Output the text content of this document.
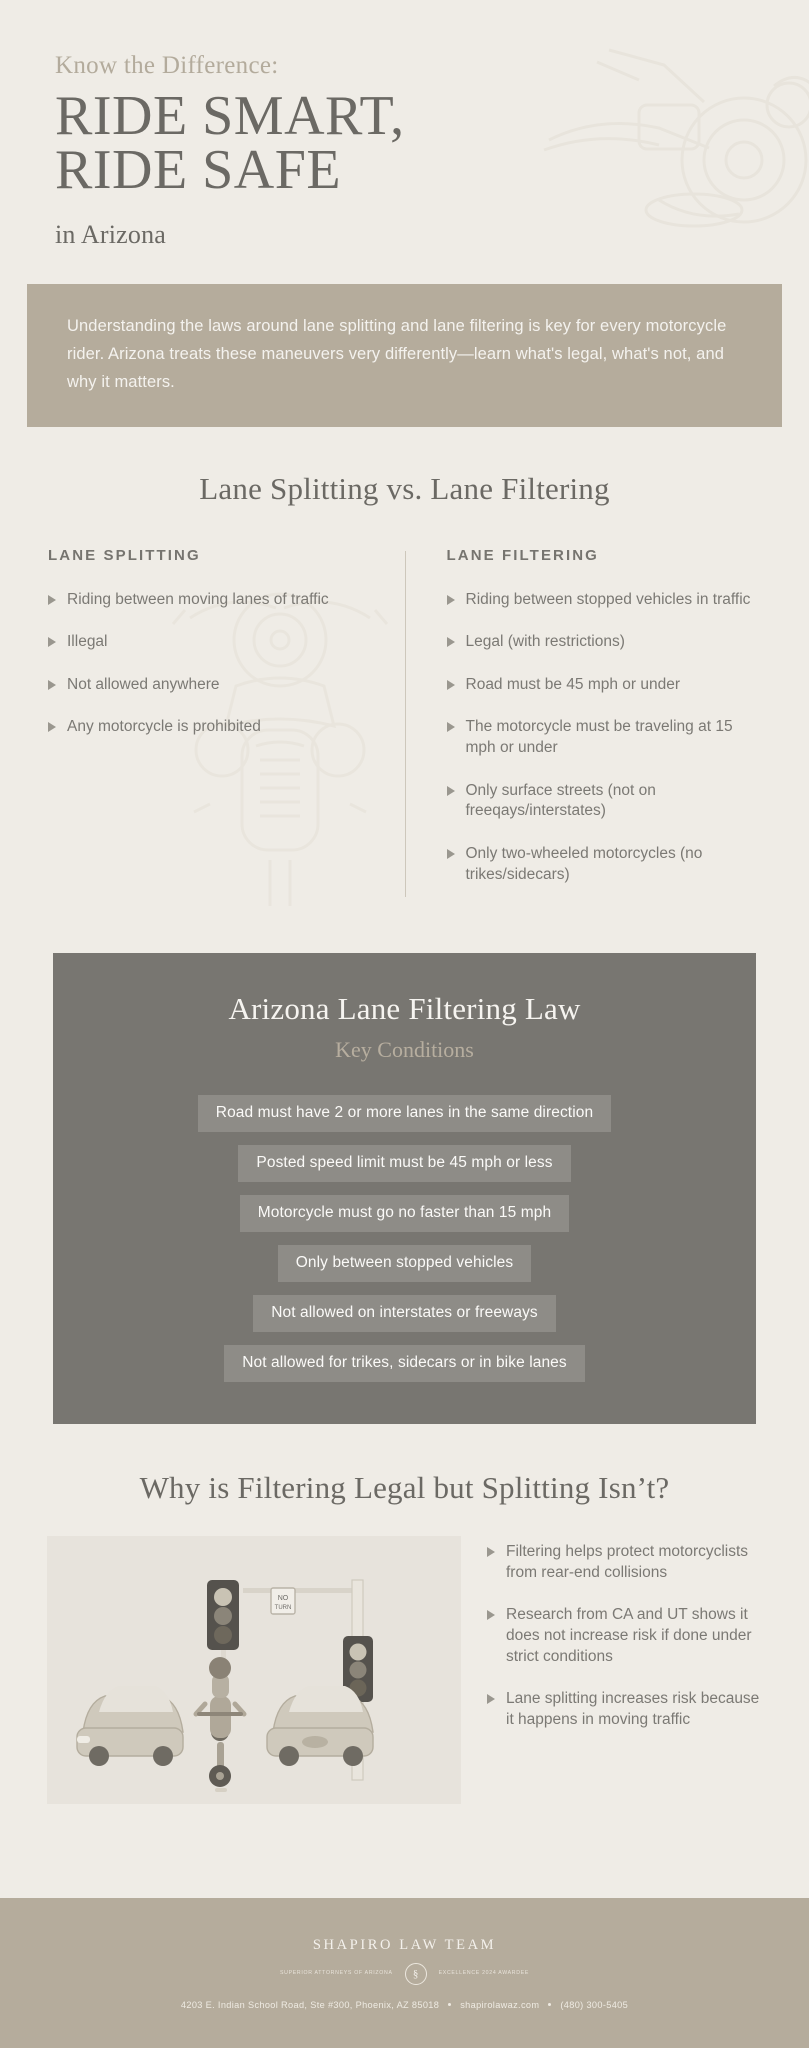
Know the Difference:
RIDE SMART,
RIDE SAFE
in Arizona

Understanding the laws around lane splitting and lane filtering is key for every motorcycle rider. Arizona treats these maneuvers very differently—learn what's legal, what's not, and why it matters.

Lane Splitting vs. Lane Filtering
LANE SPLITTING
Riding between moving lanes of traffic
Illegal
Not allowed anywhere
Any motorcycle is prohibited
LANE FILTERING
Riding between stopped vehicles in traffic
Legal (with restrictions)
Road must be 45 mph or under
The motorcycle must be traveling at 15 mph or under
Only surface streets (not on freeqays/interstates)
Only two-wheeled motorcycles (no trikes/sidecars)
Arizona Lane Filtering Law
Key Conditions
Road must have 2 or more lanes in the same direction
Posted speed limit must be 45 mph or less
Motorcycle must go no faster than 15 mph
Only between stopped vehicles
Not allowed on interstates or freeways
Not allowed for trikes, sidecars or in bike lanes
Why is Filtering Legal but Splitting Isn’t?
NO
TURN
Filtering helps protect motorcyclists from rear-end collisions
Research from CA and UT shows it does not increase risk if done under strict conditions
Lane splitting increases risk because it happens in moving traffic
SHAPIRO LAW TEAM
SUPERIOR ATTORNEYS OF ARIZONA	§	EXCELLENCE 2024 AWARDEE
4203 E. Indian School Road, Ste #300, Phoenix, AZ 85018 shapirolawaz.com (480) 300-5405
